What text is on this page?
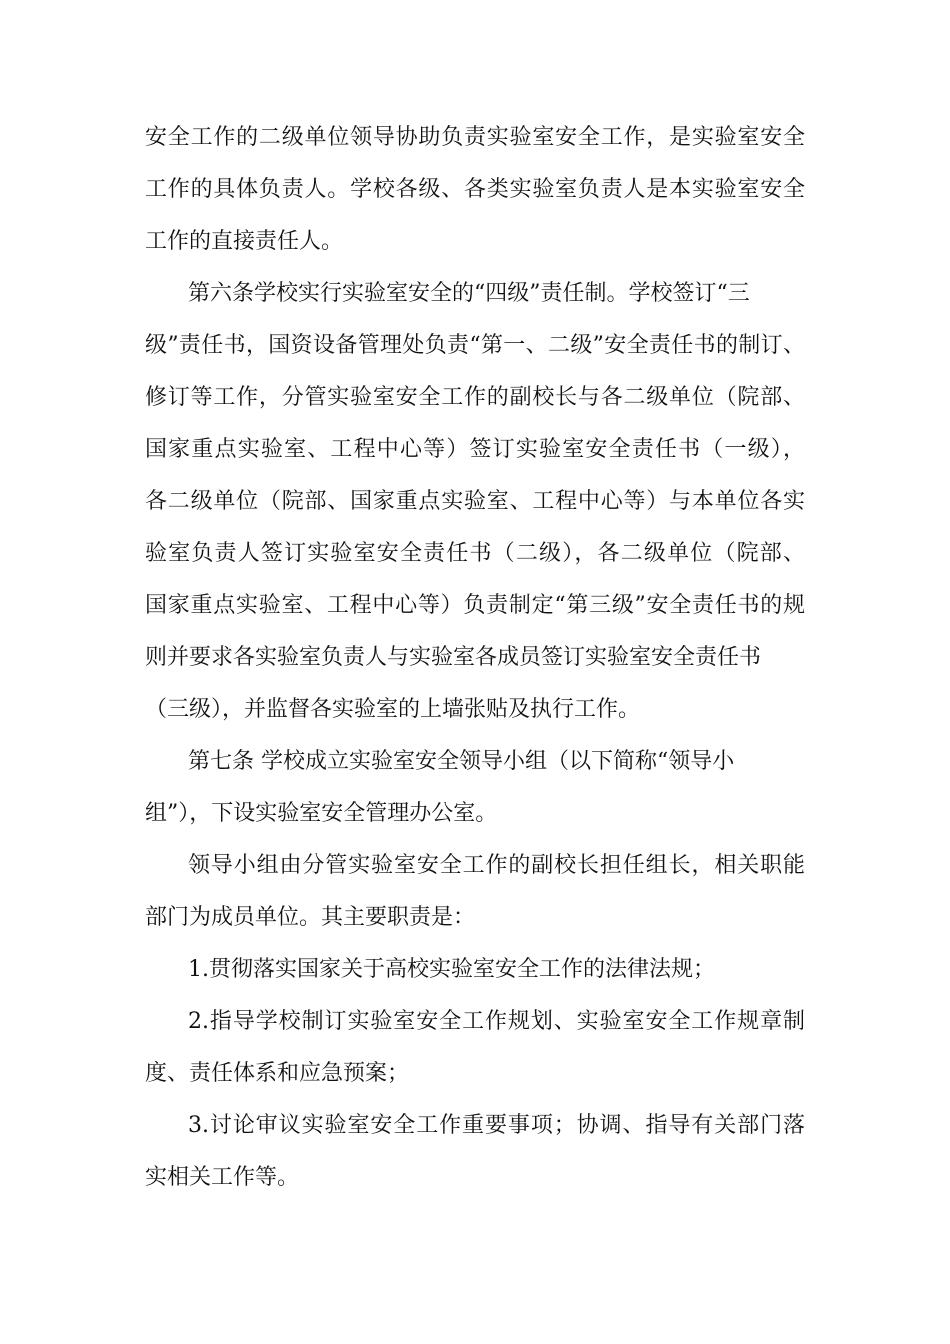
安全工作的二级单位领导协助负责实验室安全工作，是实验室安全
工作的具体负责人。学校各级、各类实验室负责人是本实验室安全
工作的直接责任人。
第六条学校实行实验室安全的“四级”责任制。学校签订“三
级”责任书，国资设备管理处负责“第一、二级”安全责任书的制订、
修订等工作，分管实验室安全工作的副校长与各二级单位（院部、
国家重点实验室、工程中心等）签订实验室安全责任书（一级），
各二级单位（院部、国家重点实验室、工程中心等）与本单位各实
验室负责人签订实验室安全责任书（二级），各二级单位（院部、
国家重点实验室、工程中心等）负责制定“第三级”安全责任书的规
则并要求各实验室负责人与实验室各成员签订实验室安全责任书
（三级），并监督各实验室的上墙张贴及执行工作。
第七条 学校成立实验室安全领导小组（以下简称“领导小
组”），下设实验室安全管理办公室。
领导小组由分管实验室安全工作的副校长担任组长，相关职能
部门为成员单位。其主要职责是：
1.贯彻落实国家关于高校实验室安全工作的法律法规；
2.指导学校制订实验室安全工作规划、实验室安全工作规章制
度、责任体系和应急预案；
3.讨论审议实验室安全工作重要事项；协调、指导有关部门落
实相关工作等。
